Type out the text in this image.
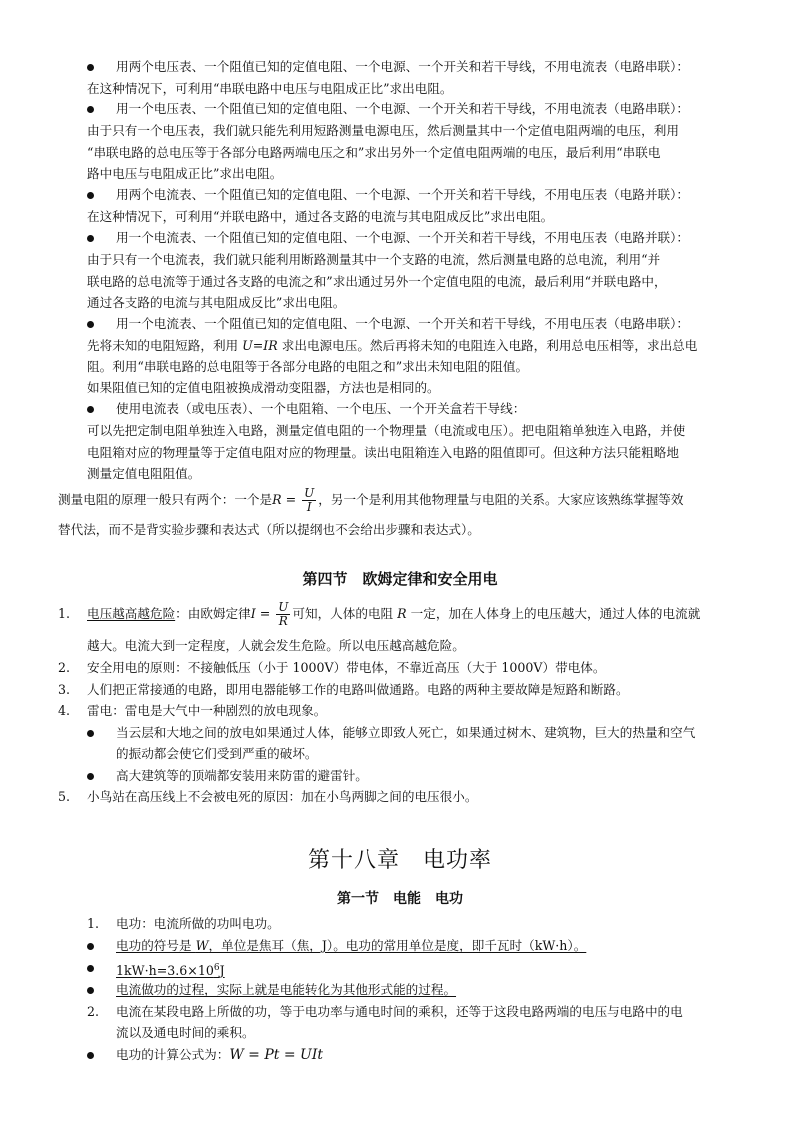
用两个电压表、一个阻值已知的定值电阻、一个电源、一个开关和若干导线，不用电流表（电路串联）：
在这种情况下，可利用“串联电路中电压与电阻成正比”求出电阻。
用一个电压表、一个阻值已知的定值电阻、一个电源、一个开关和若干导线，不用电流表（电路串联）：
由于只有一个电压表，我们就只能先利用短路测量电源电压，然后测量其中一个定值电阻两端的电压，利用
“串联电路的总电压等于各部分电路两端电压之和”求出另外一个定值电阻两端的电压，最后利用“串联电
路中电压与电阻成正比”求出电阻。
用两个电流表、一个阻值已知的定值电阻、一个电源、一个开关和若干导线，不用电压表（电路并联）：
在这种情况下，可利用“并联电路中，通过各支路的电流与其电阻成反比”求出电阻。
用一个电流表、一个阻值已知的定值电阻、一个电源、一个开关和若干导线，不用电压表（电路并联）：
由于只有一个电流表，我们就只能利用断路测量其中一个支路的电流，然后测量电路的总电流，利用“并
联电路的总电流等于通过各支路的电流之和”求出通过另外一个定值电阻的电流，最后利用“并联电路中，
通过各支路的电流与其电阻成反比”求出电阻。
用一个电流表、一个阻值已知的定值电阻、一个电源、一个开关和若干导线，不用电压表（电路串联）：
先将未知的电阻短路，利用 U=IR 求出电源电压。然后再将未知的电阻连入电路，利用总电压相等，求出总电
阻。利用“串联电路的总电阻等于各部分电路的电阻之和”求出未知电阻的阻值。
如果阻值已知的定值电阻被换成滑动变阻器，方法也是相同的。
使用电流表（或电压表）、一个电阻箱、一个电压、一个开关盒若干导线：
可以先把定制电阻单独连入电路，测量定值电阻的一个物理量（电流或电压）。把电阻箱单独连入电路，并使
电阻箱对应的物理量等于定值电阻对应的物理量。读出电阻箱连入电路的阻值即可。但这种方法只能粗略地
测量定值电阻阻值。
测量电阻的原理一般只有两个：一个是$R = \frac{U}{I}$ ，另一个是利用其他物理量与电阻的关系。大家应该熟练掌握等效
替代法，而不是背实验步骤和表达式（所以提纲也不会给出步骤和表达式）。
第四节　欧姆定律和安全用电
1. 电压越高越危险：由欧姆定律$I = \frac{U}{R}$ 可知，人体的电阻 R 一定，加在人体身上的电压越大，通过人体的电流就
越大。电流大到一定程度，人就会发生危险。所以电压越高越危险。
2. 安全用电的原则：不接触低压（小于 1000V）带电体，不靠近高压（大于 1000V）带电体。
3. 人们把正常接通的电路，即用电器能够工作的电路叫做通路。电路的两种主要故障是短路和断路。
4. 雷电：雷电是大气中一种剧烈的放电现象。
当云层和大地之间的放电如果通过人体，能够立即致人死亡，如果通过树木、建筑物，巨大的热量和空气
的振动都会使它们受到严重的破坏。
高大建筑等的顶端都安装用来防雷的避雷针。
5. 小鸟站在高压线上不会被电死的原因：加在小鸟两脚之间的电压很小。
第十八章　电功率
第一节　电能　电功
1. 电功：电流所做的功叫电功。
电功的符号是 W，单位是焦耳（焦，J）。电功的常用单位是度，即千瓦时（kW·h）。
$1kW\cdot h=3.6\times 10^6J$
电流做功的过程，实际上就是电能转化为其他形式能的过程。
2. 电流在某段电路上所做的功，等于电功率与通电时间的乘积，还等于这段电路两端的电压与电路中的电
流以及通电时间的乘积。
电功的计算公式为：W = Pt = UIt
